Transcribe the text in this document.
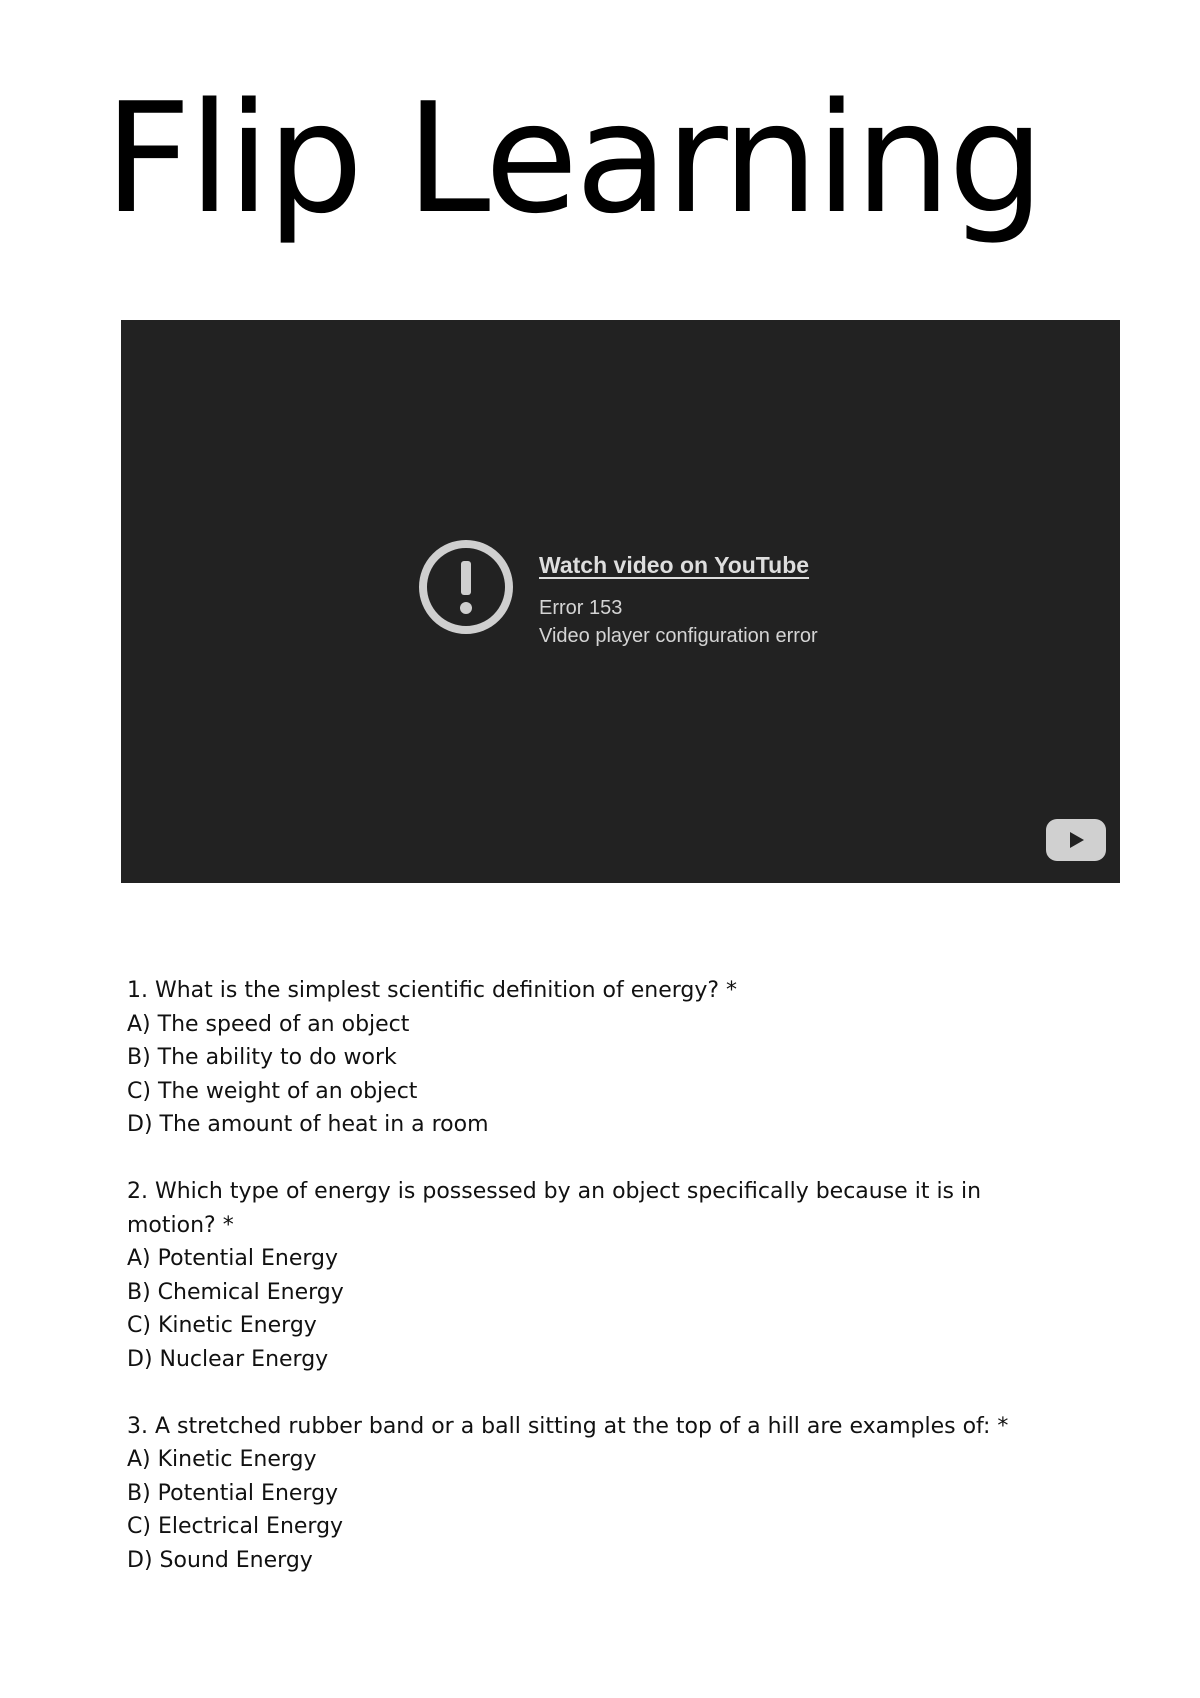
Flip Learning
Watch video on YouTube
Error 153
Video player configuration error
1. What is the simplest scientific definition of energy? *
A) The speed of an object
B) The ability to do work
C) The weight of an object
D) The amount of heat in a room
2. Which type of energy is possessed by an object specifically because it is in motion? *
A) Potential Energy
B) Chemical Energy
C) Kinetic Energy
D) Nuclear Energy
3. A stretched rubber band or a ball sitting at the top of a hill are examples of: *
A) Kinetic Energy
B) Potential Energy
C) Electrical Energy
D) Sound Energy
